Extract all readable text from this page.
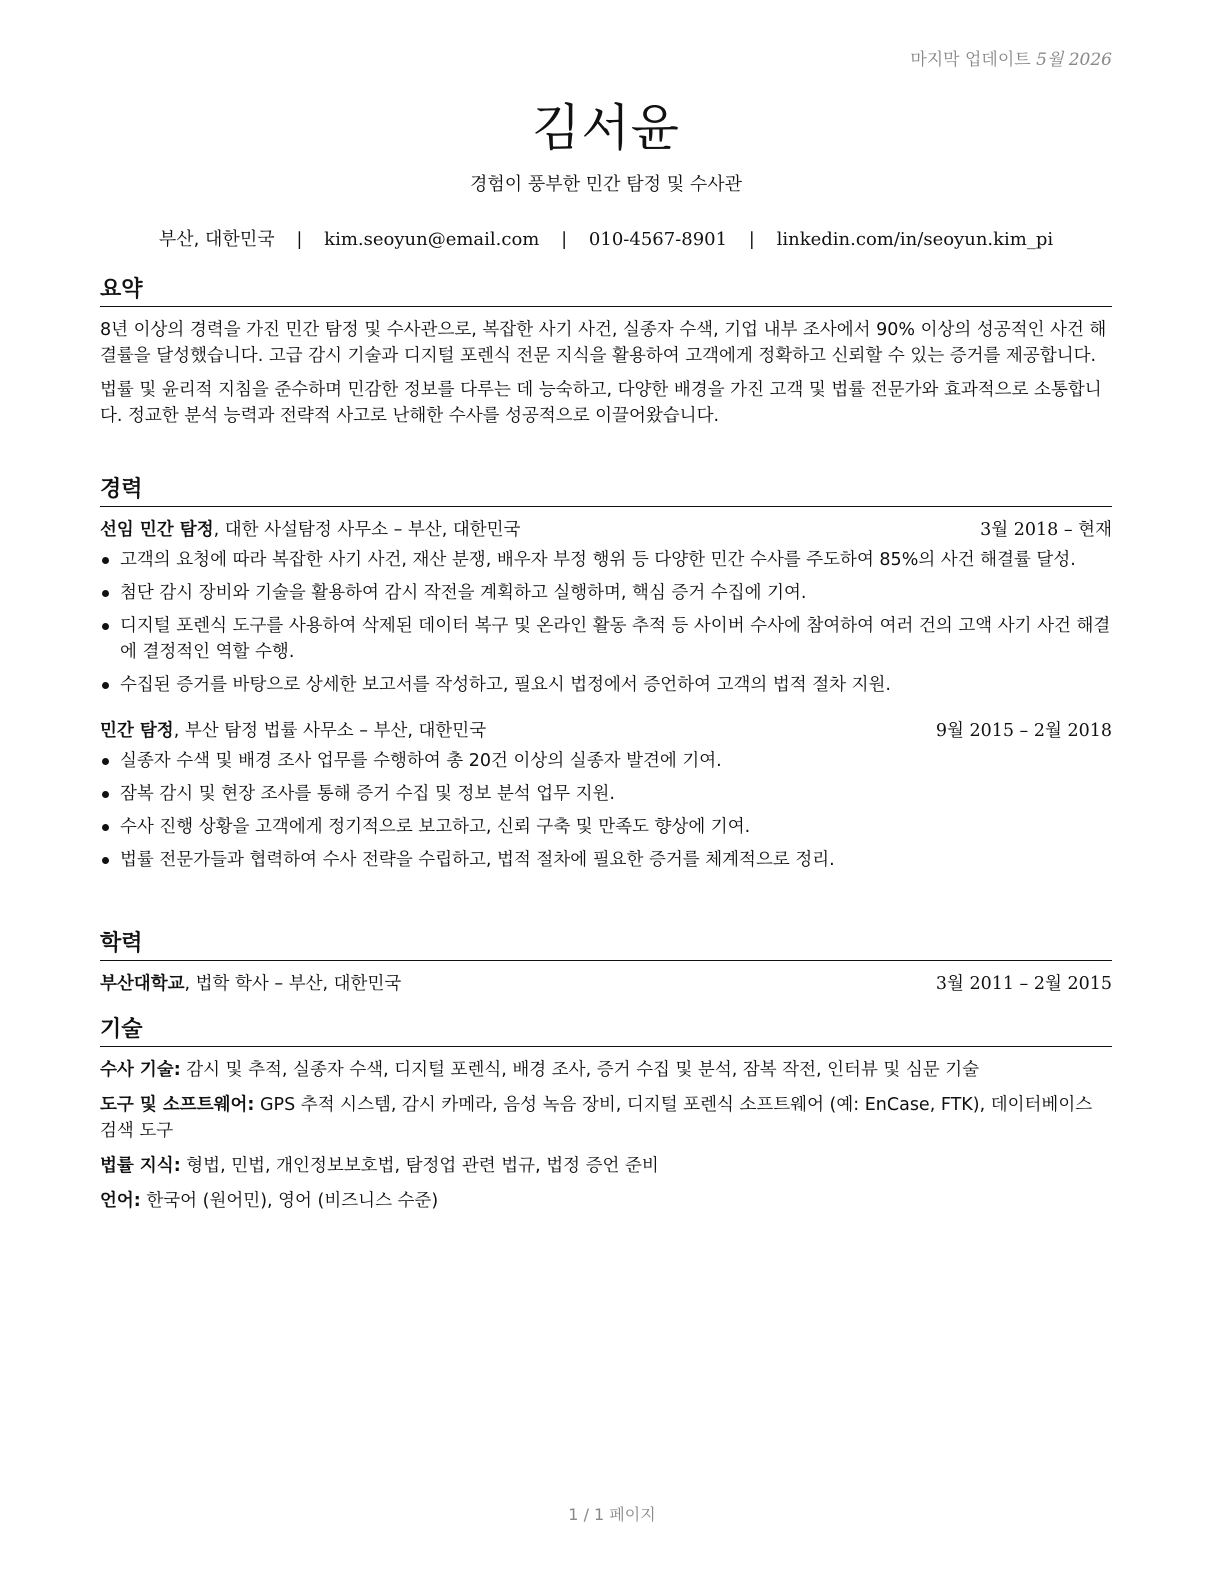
마지막 업데이트 5월 2026
김서윤
경험이 풍부한 민간 탐정 및 수사관
부산, 대한민국 | kim.seoyun@email.com | 010-4567-8901 | linkedin.com/in/seoyun.kim_pi
요약

8년 이상의 경력을 가진 민간 탐정 및 수사관으로, 복잡한 사기 사건, 실종자 수색, 기업 내부 조사에서 90% 이상의 성공적인 사건 해결률을 달성했습니다. 고급 감시 기술과 디지털 포렌식 전문 지식을 활용하여 고객에게 정확하고 신뢰할 수 있는 증거를 제공합니다.

법률 및 윤리적 지침을 준수하며 민감한 정보를 다루는 데 능숙하고, 다양한 배경을 가진 고객 및 법률 전문가와 효과적으로 소통합니다. 정교한 분석 능력과 전략적 사고로 난해한 수사를 성공적으로 이끌어왔습니다.

경력
선임 민간 탐정, 대한 사설탐정 사무소 – 부산, 대한민국	3월 2018 – 현재
고객의 요청에 따라 복잡한 사기 사건, 재산 분쟁, 배우자 부정 행위 등 다양한 민간 수사를 주도하여 85%의 사건 해결률 달성.
첨단 감시 장비와 기술을 활용하여 감시 작전을 계획하고 실행하며, 핵심 증거 수집에 기여.
디지털 포렌식 도구를 사용하여 삭제된 데이터 복구 및 온라인 활동 추적 등 사이버 수사에 참여하여 여러 건의 고액 사기 사건 해결에 결정적인 역할 수행.
수집된 증거를 바탕으로 상세한 보고서를 작성하고, 필요시 법정에서 증언하여 고객의 법적 절차 지원.
민간 탐정, 부산 탐정 법률 사무소 – 부산, 대한민국	9월 2015 – 2월 2018
실종자 수색 및 배경 조사 업무를 수행하여 총 20건 이상의 실종자 발견에 기여.
잠복 감시 및 현장 조사를 통해 증거 수집 및 정보 분석 업무 지원.
수사 진행 상황을 고객에게 정기적으로 보고하고, 신뢰 구축 및 만족도 향상에 기여.
법률 전문가들과 협력하여 수사 전략을 수립하고, 법적 절차에 필요한 증거를 체계적으로 정리.
학력
부산대학교, 법학 학사 – 부산, 대한민국	3월 2011 – 2월 2015
기술
수사 기술: 감시 및 추적, 실종자 수색, 디지털 포렌식, 배경 조사, 증거 수집 및 분석, 잠복 작전, 인터뷰 및 심문 기술
도구 및 소프트웨어: GPS 추적 시스템, 감시 카메라, 음성 녹음 장비, 디지털 포렌식 소프트웨어 (예: EnCase, FTK), 데이터베이스 검색 도구
법률 지식: 형법, 민법, 개인정보보호법, 탐정업 관련 법규, 법정 증언 준비
언어: 한국어 (원어민), 영어 (비즈니스 수준)
1 / 1 페이지
